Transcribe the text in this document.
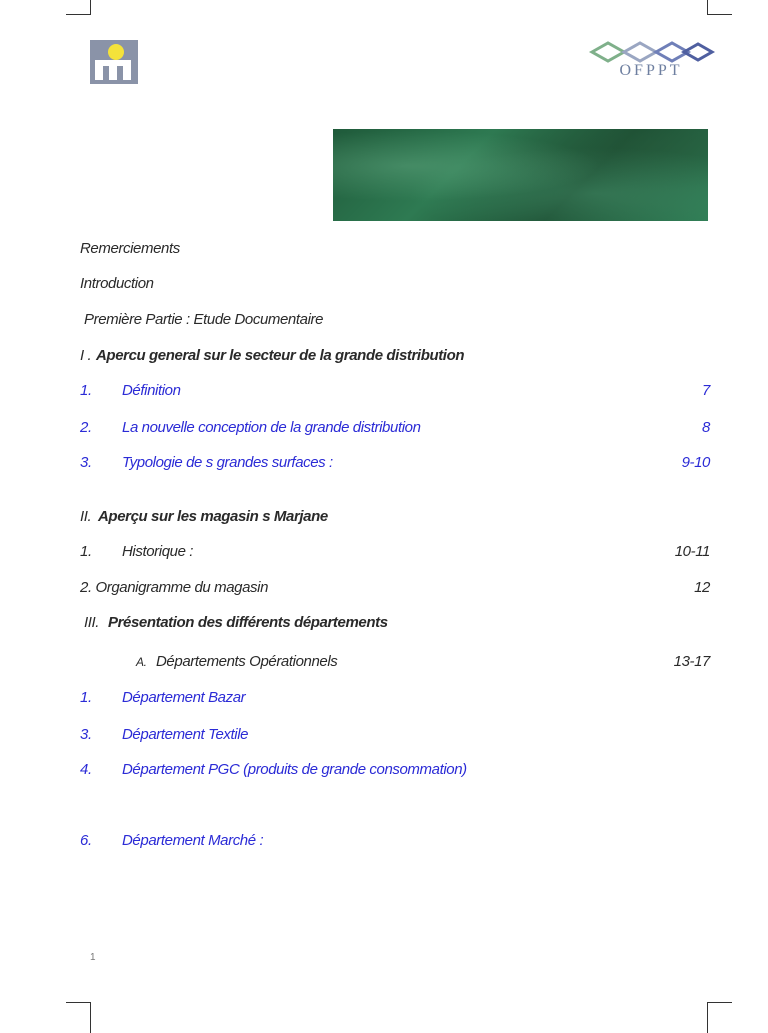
OFPPT
Remerciements
Introduction
Première Partie : Etude Documentaire
I . Apercu general sur le secteur de la grande distribution
1. Définition	7
2. La nouvelle conception de la grande distribution	8
3. Typologie de s grandes surfaces :	9-10
II. Aperçu sur les magasin s Marjane
1. Historique :	10-11
2. Organigramme du magasin	12
III. Présentation des différents départements
A. Départements Opérationnels	13-17
1. Département Bazar
3. Département Textile
4. Département PGC (produits de grande consommation)
6. Département Marché :
1
